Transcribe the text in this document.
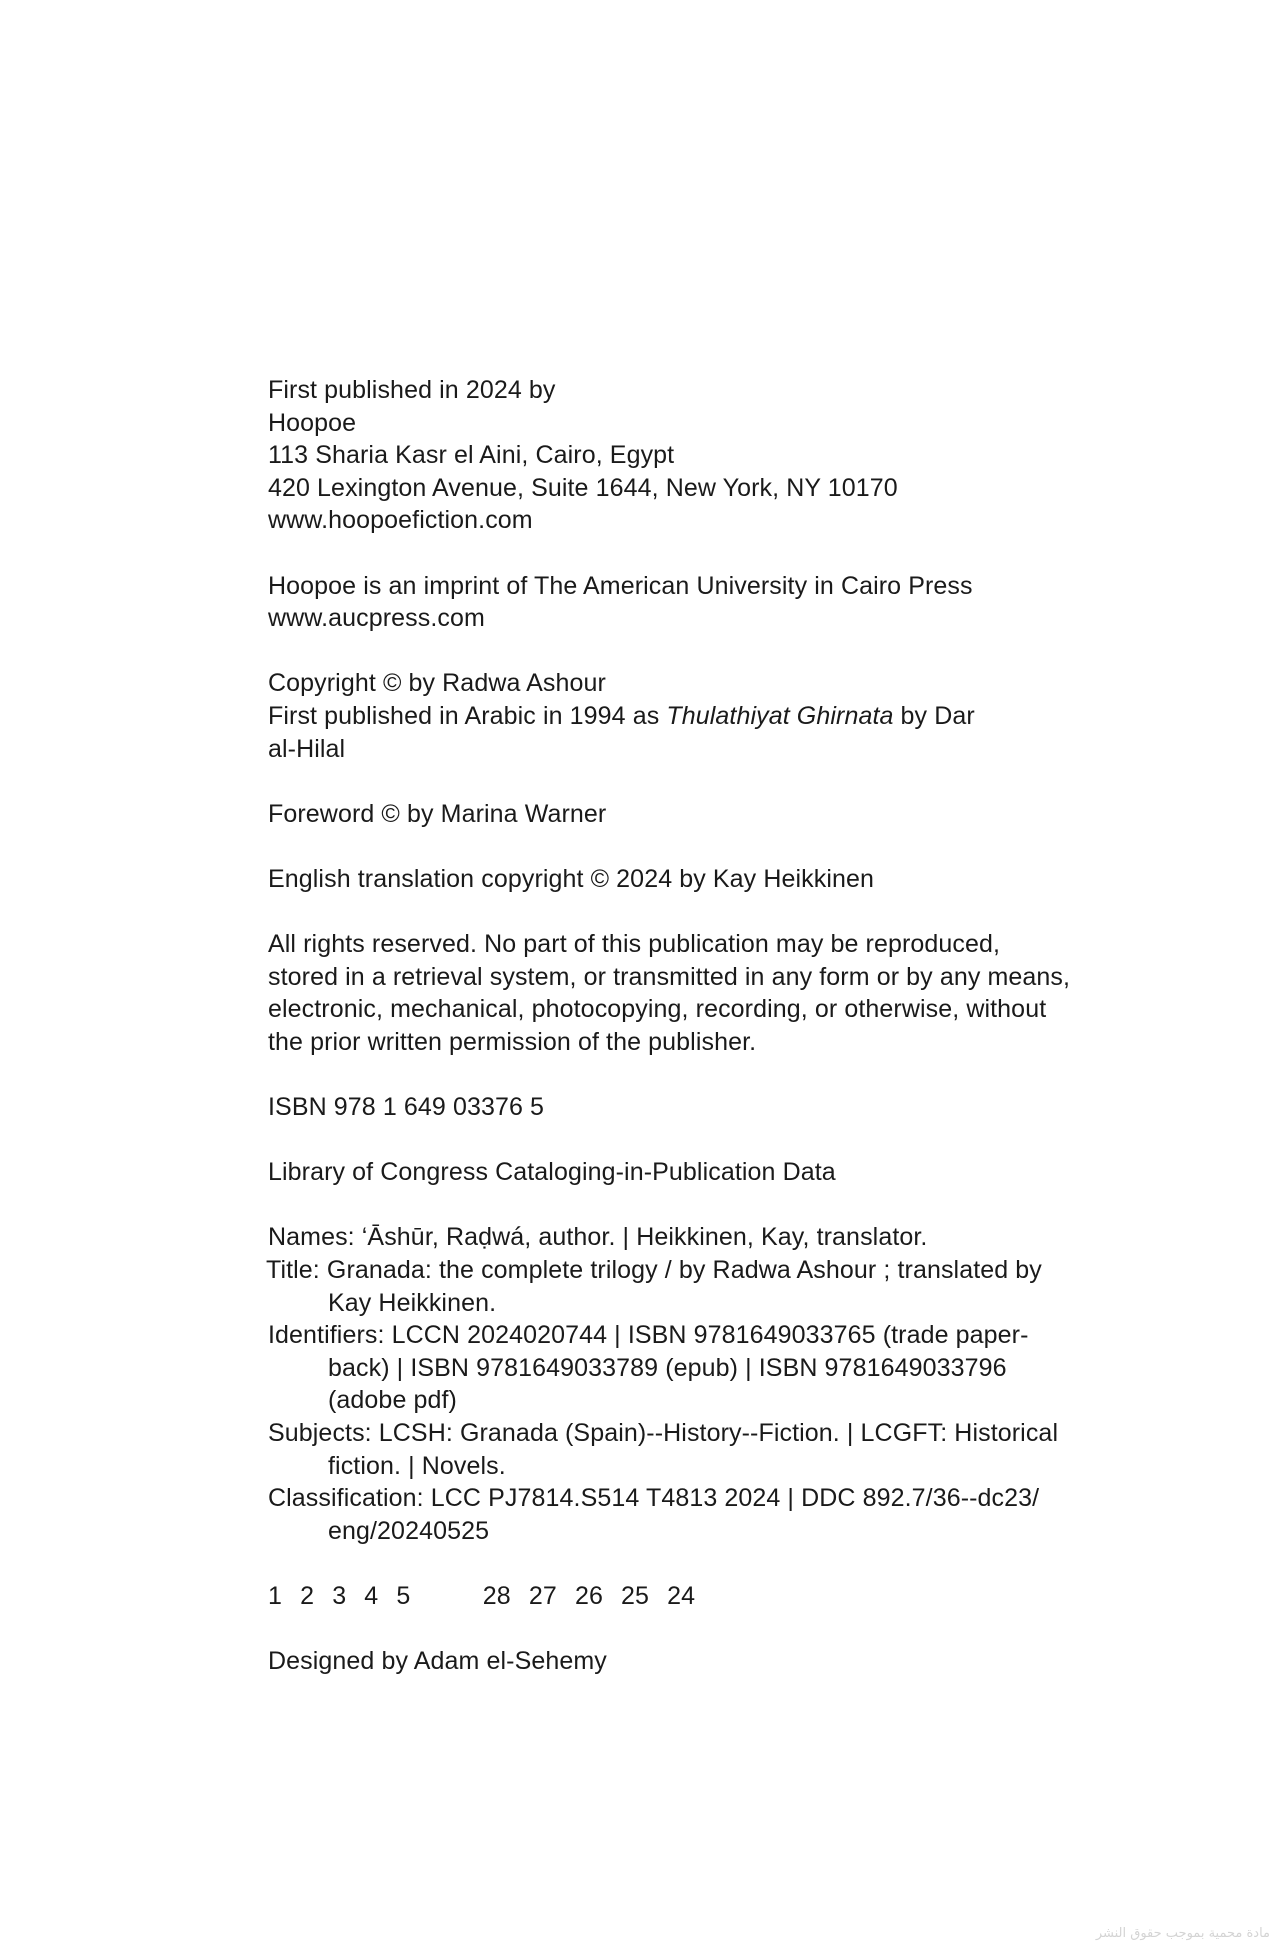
First published in 2024 by
Hoopoe
113 Sharia Kasr el Aini, Cairo, Egypt
420 Lexington Avenue, Suite 1644, New York, NY 10170
www.hoopoefiction.com
Hoopoe is an imprint of The American University in Cairo Press
www.aucpress.com
Copyright © by Radwa Ashour
First published in Arabic in 1994 as Thulathiyat Ghirnata by Dar
al-Hilal
Foreword © by Marina Warner
English translation copyright © 2024 by Kay Heikkinen
All rights reserved. No part of this publication may be reproduced,
stored in a retrieval system, or transmitted in any form or by any means,
electronic, mechanical, photocopying, recording, or otherwise, without
the prior written permission of the publisher.
ISBN 978 1 649 03376 5
Library of Congress Cataloging-in-Publication Data
Names: ‘Āshūr, Raḍwá, author. | Heikkinen, Kay, translator.
Title: Granada: the complete trilogy / by Radwa Ashour ; translated by
Kay Heikkinen.
Identifiers: LCCN 2024020744 | ISBN 9781649033765 (trade paper-
back) | ISBN 9781649033789 (epub) | ISBN 9781649033796
(adobe pdf)
Subjects: LCSH: Granada (Spain)--History--Fiction. | LCGFT: Historical
fiction. | Novels.
Classification: LCC PJ7814.S514 T4813 2024 | DDC 892.7/36--dc23/
eng/20240525
1  2  3  4  5        28  27  26  25  24
Designed by Adam el-Sehemy
مادة محمية بموجب حقوق النشر
